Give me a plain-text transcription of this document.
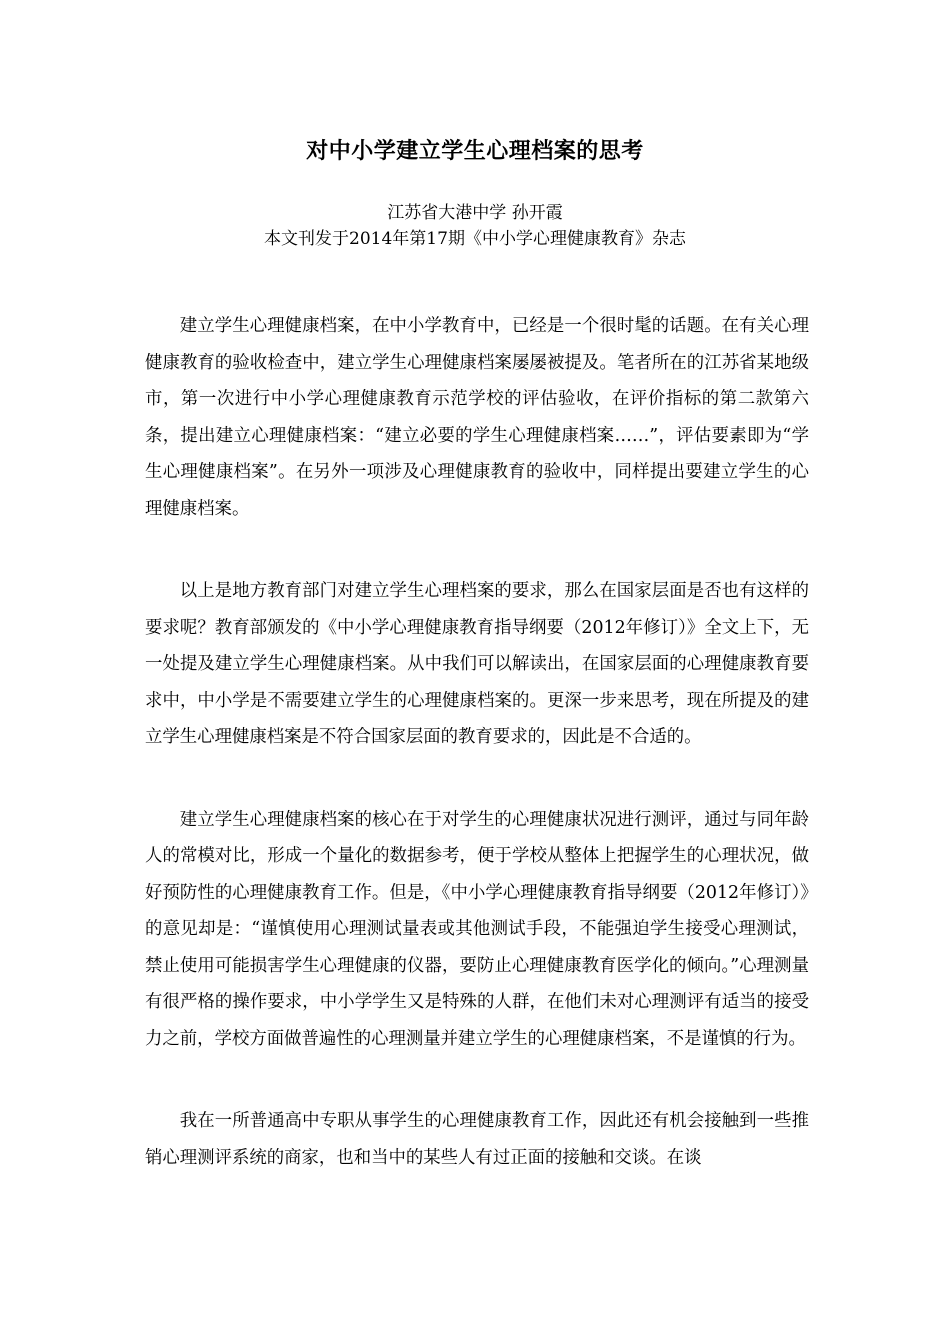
对中小学建立学生心理档案的思考

江苏省大港中学 孙开霞

本文刊发于2014年第17期《中小学心理健康教育》杂志

建立学生心理健康档案，在中小学教育中，已经是一个很时髦的话题。在有关心理健康教育的验收检查中，建立学生心理健康档案屡屡被提及。笔者所在的江苏省某地级市，第一次进行中小学心理健康教育示范学校的评估验收，在评价指标的第二款第六条，提出建立心理健康档案：“建立必要的学生心理健康档案……”，评估要素即为“学生心理健康档案”。在另外一项涉及心理健康教育的验收中，同样提出要建立学生的心理健康档案。

以上是地方教育部门对建立学生心理档案的要求，那么在国家层面是否也有这样的要求呢？教育部颁发的《中小学心理健康教育指导纲要（2012年修订）》全文上下，无一处提及建立学生心理健康档案。从中我们可以解读出，在国家层面的心理健康教育要求中，中小学是不需要建立学生的心理健康档案的。更深一步来思考，现在所提及的建立学生心理健康档案是不符合国家层面的教育要求的，因此是不合适的。

建立学生心理健康档案的核心在于对学生的心理健康状况进行测评，通过与同年龄人的常模对比，形成一个量化的数据参考，便于学校从整体上把握学生的心理状况，做好预防性的心理健康教育工作。但是，《中小学心理健康教育指导纲要（2012年修订）》的意见却是：“谨慎使用心理测试量表或其他测试手段，不能强迫学生接受心理测试，禁止使用可能损害学生心理健康的仪器，要防止心理健康教育医学化的倾向。”心理测量有很严格的操作要求，中小学学生又是特殊的人群，在他们未对心理测评有适当的接受力之前，学校方面做普遍性的心理测量并建立学生的心理健康档案，不是谨慎的行为。

我在一所普通高中专职从事学生的心理健康教育工作，因此还有机会接触到一些推销心理测评系统的商家，也和当中的某些人有过正面的接触和交谈。在谈
